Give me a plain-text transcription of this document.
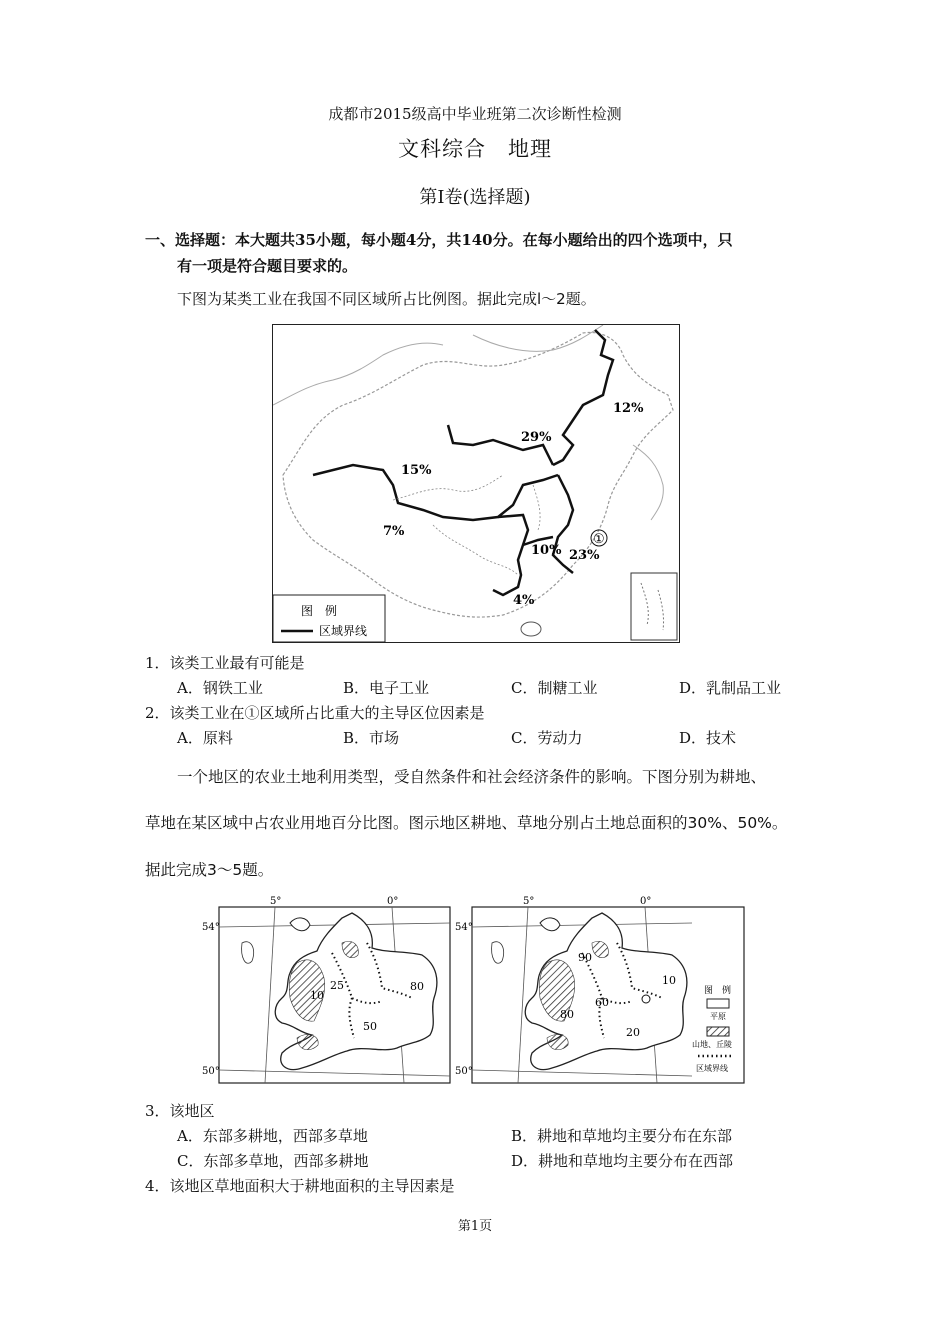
成都市2015级高中毕业班第二次诊断性检测
文科综合　地理
第Ⅰ卷(选择题)
一、选择题：本大题共35小题，每小题4分，共140分。在每小题给出的四个选项中，只
有一项是符合题目要求的。
下图为某类工业在我国不同区域所占比例图。据此完成l～2题。
12%
29%
15%
7%
10% 23%
4%
①
图　例
区域界线
1．该类工业最有可能是
A．钢铁工业	B．电子工业	C．制糖工业	D．乳制品工业
2．该类工业在①区域所占比重大的主导区位因素是
A．原料	B．市场	C．劳动力	D．技术
一个地区的农业土地利用类型，受自然条件和社会经济条件的影响。下图分别为耕地、
草地在某区域中占农业用地百分比图。图示地区耕地、草地分别占土地总面积的30%、50%。
据此完成3～5题。
5°	0°
54°
50°
10
25	80
50
5°	0°
54°
50°
90
60
80
10
20
图　例
平原
山地、丘陵
区域界线
3．该地区
A．东部多耕地，西部多草地	B．耕地和草地均主要分布在东部
C．东部多草地，西部多耕地	D．耕地和草地均主要分布在西部
4．该地区草地面积大于耕地面积的主导因素是
第1页
